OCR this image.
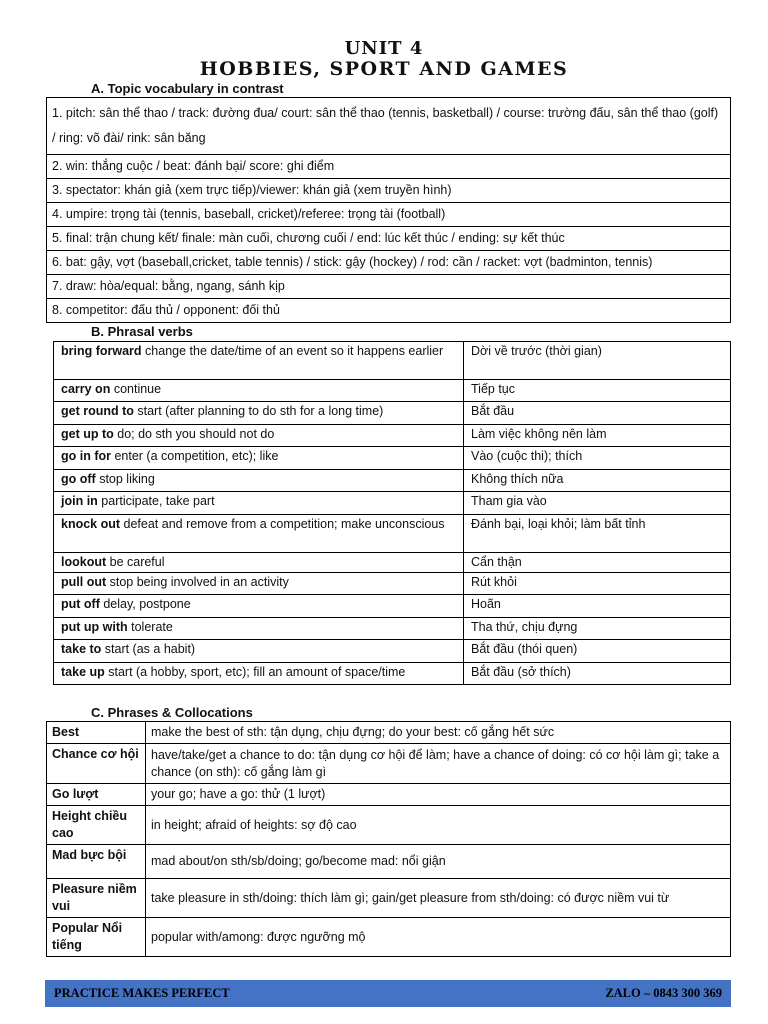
UNIT 4
HOBBIES, SPORT AND GAMES
A. Topic vocabulary in contrast
1. pitch: sân thể thao / track: đường đua/ court: sân thể thao (tennis, basketball) / course: trường đấu, sân thể thao (golf) / ring: võ đài/ rink: sân băng
2. win: thắng cuộc / beat: đánh bại/ score: ghi điểm
3. spectator: khán giả (xem trực tiếp)/viewer: khán giả (xem truyền hình)
4. umpire: trọng tài (tennis, baseball, cricket)/referee: trọng tài (football)
5. final: trận chung kết/ finale: màn cuối, chương cuối / end: lúc kết thúc / ending: sự kết thúc
6. bat: gậy, vợt (baseball,cricket, table tennis) / stick: gậy (hockey) / rod: cần / racket: vợt (badminton, tennis)
7. draw: hòa/equal: bằng, ngang, sánh kịp
8. competitor: đấu thủ / opponent: đối thủ
B. Phrasal verbs
bring forward change the date/time of an event so it happens earlier	Dời về trước (thời gian)
carry on continue	Tiếp tục
get round to start (after planning to do sth for a long time)	Bắt đầu
get up to do; do sth you should not do	Làm việc không nên làm
go in for enter (a competition, etc); like	Vào (cuộc thi); thích
go off stop liking	Không thích nữa
join in participate, take part	Tham gia vào
knock out defeat and remove from a competition; make unconscious	Đánh bại, loại khỏi; làm bất tỉnh
lookout be careful	Cẩn thận
pull out stop being involved in an activity	Rút khỏi
put off delay, postpone	Hoãn
put up with tolerate	Tha thứ, chịu đựng
take to start (as a habit)	Bắt đầu (thói quen)
take up start (a hobby, sport, etc); fill an amount of space/time	Bắt đầu (sở thích)
C. Phrases & Collocations
Best	make the best of sth: tận dụng, chịu đựng; do your best: cố gắng hết sức
Chance cơ hội	have/take/get a chance to do: tận dụng cơ hội để làm; have a chance of doing: có cơ hội làm gì; take a chance (on sth): cố gắng làm gì
Go lượt	your go; have a go: thử (1 lượt)
Height chiều cao	in height; afraid of heights: sợ độ cao
Mad bực bội	mad about/on sth/sb/doing; go/become mad: nổi giận
Pleasure niềm vui	take pleasure in sth/doing: thích làm gì; gain/get pleasure from sth/doing: có được niềm vui từ
Popular Nổi tiếng	popular with/among: được ngưỡng mộ
PRACTICE MAKES PERFECT	ZALO – 0843 300 369
